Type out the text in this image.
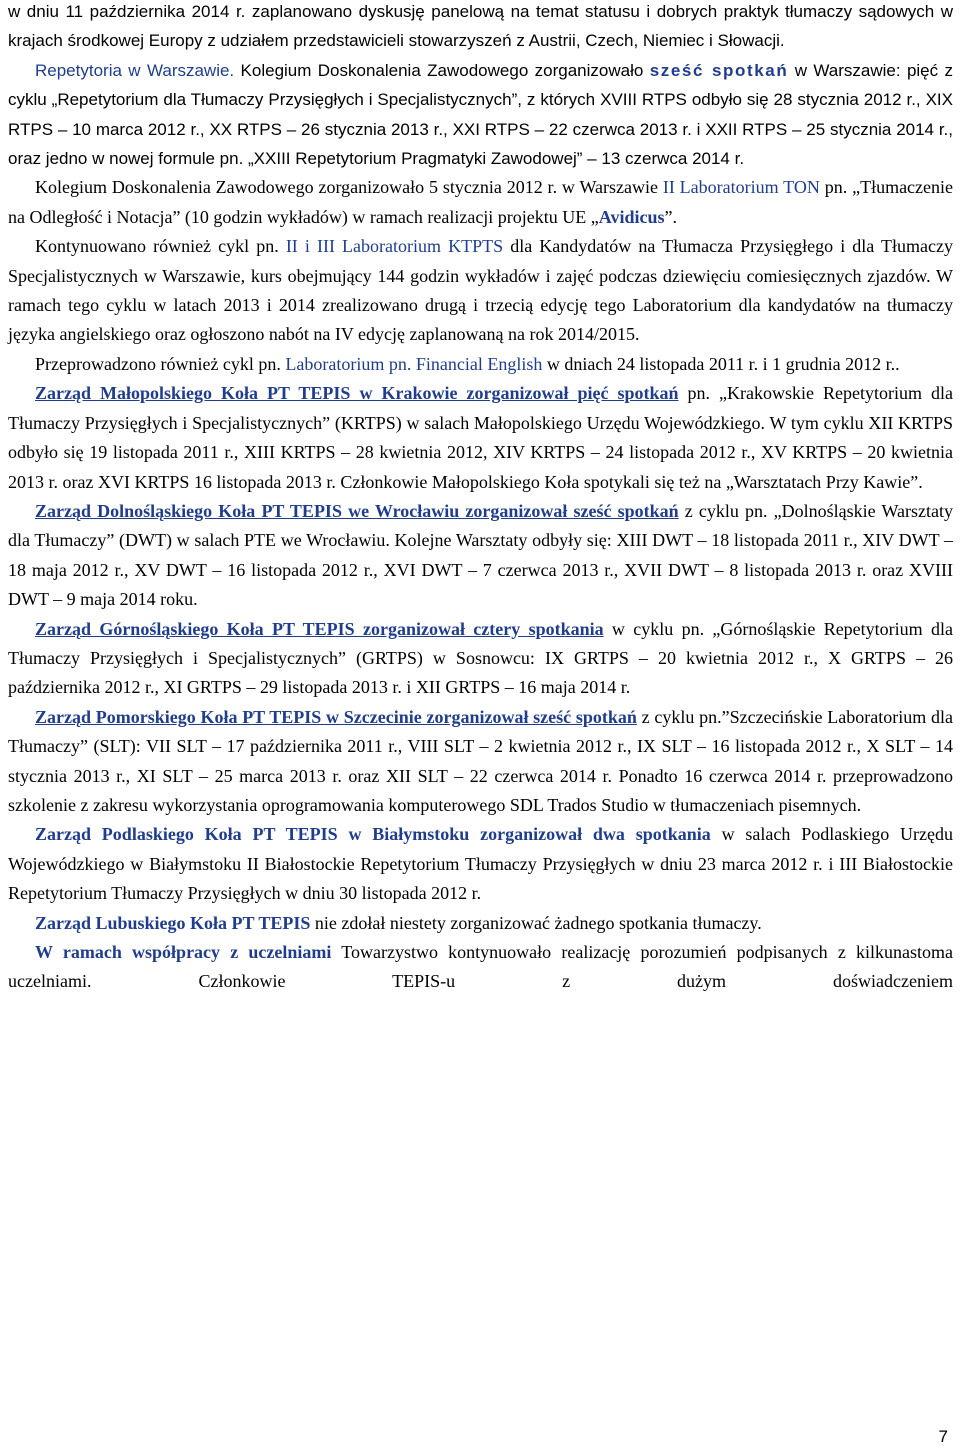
w dniu 11 października 2014 r. zaplanowano dyskusję panelową na temat statusu i dobrych praktyk tłumaczy sądowych w krajach środkowej Europy z udziałem przedstawicieli stowarzyszeń z Austrii, Czech, Niemiec i Słowacji.

Repetytoria w Warszawie. Kolegium Doskonalenia Zawodowego zorganizowało sześć spotkań w Warszawie: pięć z cyklu „Repetytorium dla Tłumaczy Przysięgłych i Specjalistycznych”, z których XVIII RTPS odbyło się 28 stycznia 2012 r., XIX RTPS – 10 marca 2012 r., XX RTPS – 26 stycznia 2013 r., XXI RTPS – 22 czerwca 2013 r. i XXII RTPS – 25 stycznia 2014 r., oraz jedno w nowej formule pn. „XXIII Repetytorium Pragmatyki Zawodowej” – 13 czerwca 2014 r.

Kolegium Doskonalenia Zawodowego zorganizowało 5 stycznia 2012 r. w Warszawie II Laboratorium TON pn. „Tłumaczenie na Odległość i Notacja” (10 godzin wykładów) w ramach realizacji projektu UE „Avidicus”.

Kontynuowano również cykl pn. II i III Laboratorium KTPTS dla Kandydatów na Tłumacza Przysięgłego i dla Tłumaczy Specjalistycznych w Warszawie, kurs obejmujący 144 godzin wykładów i zajęć podczas dziewięciu comiesięcznych zjazdów. W ramach tego cyklu w latach 2013 i 2014 zrealizowano drugą i trzecią edycję tego Laboratorium dla kandydatów na tłumaczy języka angielskiego oraz ogłoszono nabót na IV edycję zaplanowaną na rok 2014/2015.

Przeprowadzono również cykl pn. Laboratorium pn. Financial English w dniach 24 listopada 2011 r. i 1 grudnia 2012 r..

Zarząd Małopolskiego Koła PT TEPIS w Krakowie zorganizował pięć spotkań pn. „Krakowskie Repetytorium dla Tłumaczy Przysięgłych i Specjalistycznych” (KRTPS) w salach Małopolskiego Urzędu Wojewódzkiego. W tym cyklu XII KRTPS odbyło się 19 listopada 2011 r., XIII KRTPS – 28 kwietnia 2012, XIV KRTPS – 24 listopada 2012 r., XV KRTPS – 20 kwietnia 2013 r. oraz XVI KRTPS 16 listopada 2013 r. Członkowie Małopolskiego Koła spotykali się też na „Warsztatach Przy Kawie”.

Zarząd Dolnośląskiego Koła PT TEPIS we Wrocławiu zorganizował sześć spotkań z cyklu pn. „Dolnośląskie Warsztaty dla Tłumaczy” (DWT) w salach PTE we Wrocławiu. Kolejne Warsztaty odbyły się: XIII DWT – 18 listopada 2011 r., XIV DWT – 18 maja 2012 r., XV DWT – 16 listopada 2012 r., XVI DWT – 7 czerwca 2013 r., XVII DWT – 8 listopada 2013 r. oraz XVIII DWT – 9 maja 2014 roku.

Zarząd Górnośląskiego Koła PT TEPIS zorganizował cztery spotkania w cyklu pn. „Górnośląskie Repetytorium dla Tłumaczy Przysięgłych i Specjalistycznych” (GRTPS) w Sosnowcu: IX GRTPS – 20 kwietnia 2012 r., X GRTPS – 26 października 2012 r., XI GRTPS – 29 listopada 2013 r. i XII GRTPS – 16 maja 2014 r.

Zarząd Pomorskiego Koła PT TEPIS w Szczecinie zorganizował sześć spotkań z cyklu pn.”Szczecińskie Laboratorium dla Tłumaczy” (SLT): VII SLT – 17 października 2011 r., VIII SLT – 2 kwietnia 2012 r., IX SLT – 16 listopada 2012 r., X SLT – 14 stycznia 2013 r., XI SLT – 25 marca 2013 r. oraz XII SLT – 22 czerwca 2014 r. Ponadto 16 czerwca 2014 r. przeprowadzono szkolenie z zakresu wykorzystania oprogramowania komputerowego SDL Trados Studio w tłumaczeniach pisemnych.

Zarząd Podlaskiego Koła PT TEPIS w Białymstoku zorganizował dwa spotkania w salach Podlaskiego Urzędu Wojewódzkiego w Białymstoku II Białostockie Repetytorium Tłumaczy Przysięgłych w dniu 23 marca 2012 r. i III Białostockie Repetytorium Tłumaczy Przysięgłych w dniu 30 listopada 2012 r.

Zarząd Lubuskiego Koła PT TEPIS nie zdołał niestety zorganizować żadnego spotkania tłumaczy.

W ramach współpracy z uczelniami Towarzystwo kontynuowało realizację porozumień podpisanych z kilkunastoma uczelniami. Członkowie TEPIS-u z dużym doświadczeniem

7
